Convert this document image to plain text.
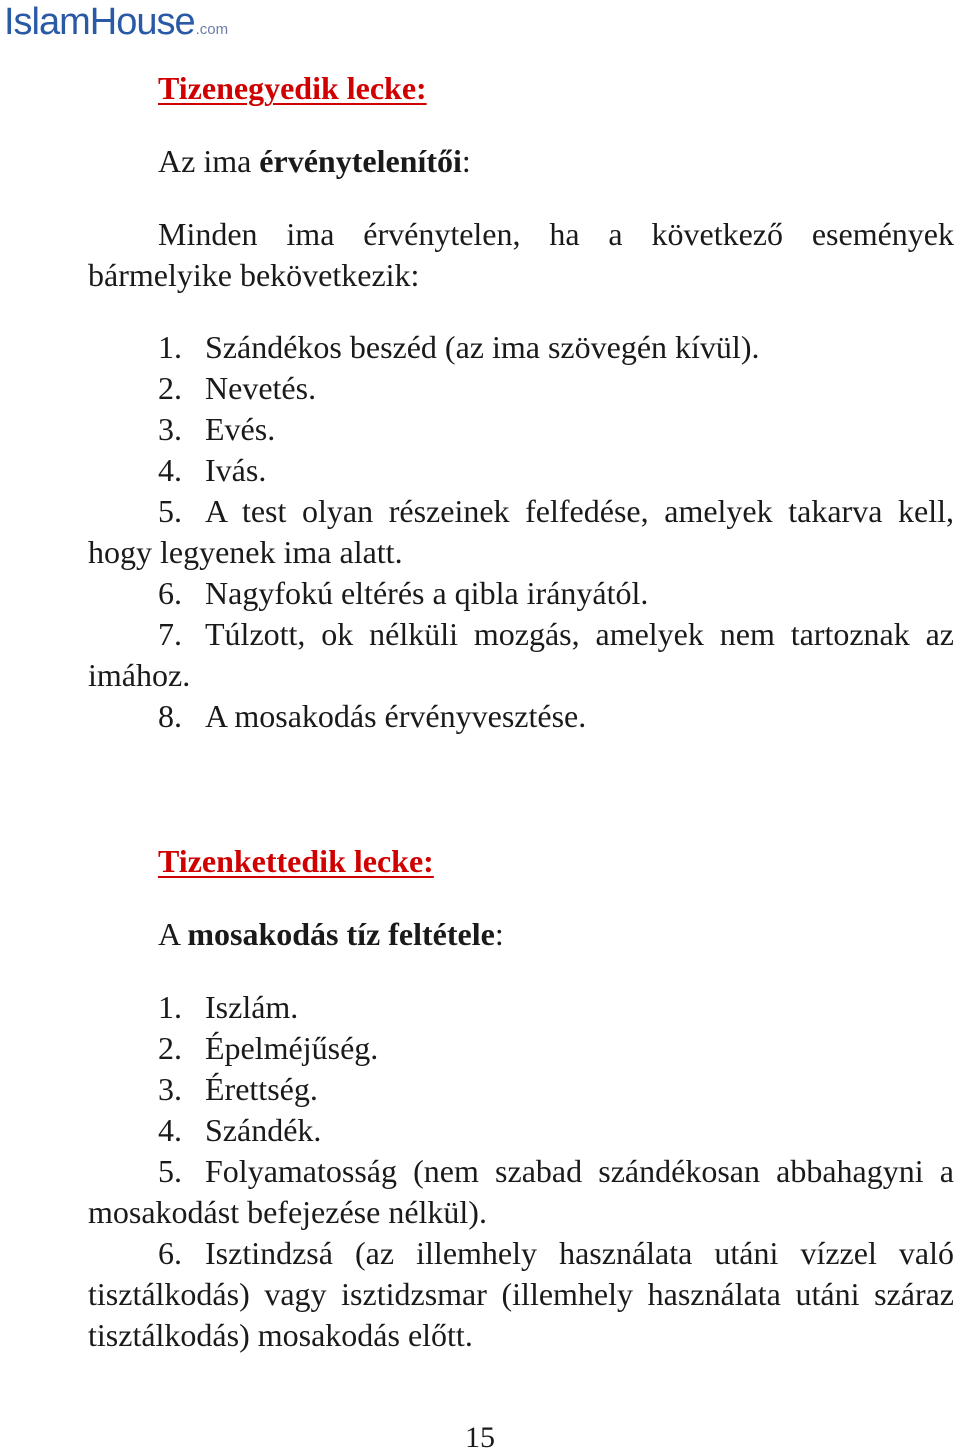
IslamHouse.com
Tizenegyedik lecke:
Az ima érvénytelenítői:
Minden ima érvénytelen, ha a következő események bármelyike bekövetkezik:
1. Szándékos beszéd (az ima szövegén kívül).
2. Nevetés.
3. Evés.
4. Ivás.
5. A test olyan részeinek felfedése, amelyek takarva kell, hogy legyenek ima alatt.
6. Nagyfokú eltérés a qibla irányától.
7. Túlzott, ok nélküli mozgás, amelyek nem tartoznak az imához.
8. A mosakodás érvényvesztése.
Tizenkettedik lecke:
A mosakodás tíz feltétele:
1. Iszlám.
2. Épelméjűség.
3. Érettség.
4. Szándék.
5. Folyamatosság (nem szabad szándékosan abbahagyni a mosakodást befejezése nélkül).
6. Isztindzsá (az illemhely használata utáni vízzel való tisztálkodás) vagy isztidzsmar (illemhely használata utáni száraz tisztálkodás) mosakodás előtt.
15
